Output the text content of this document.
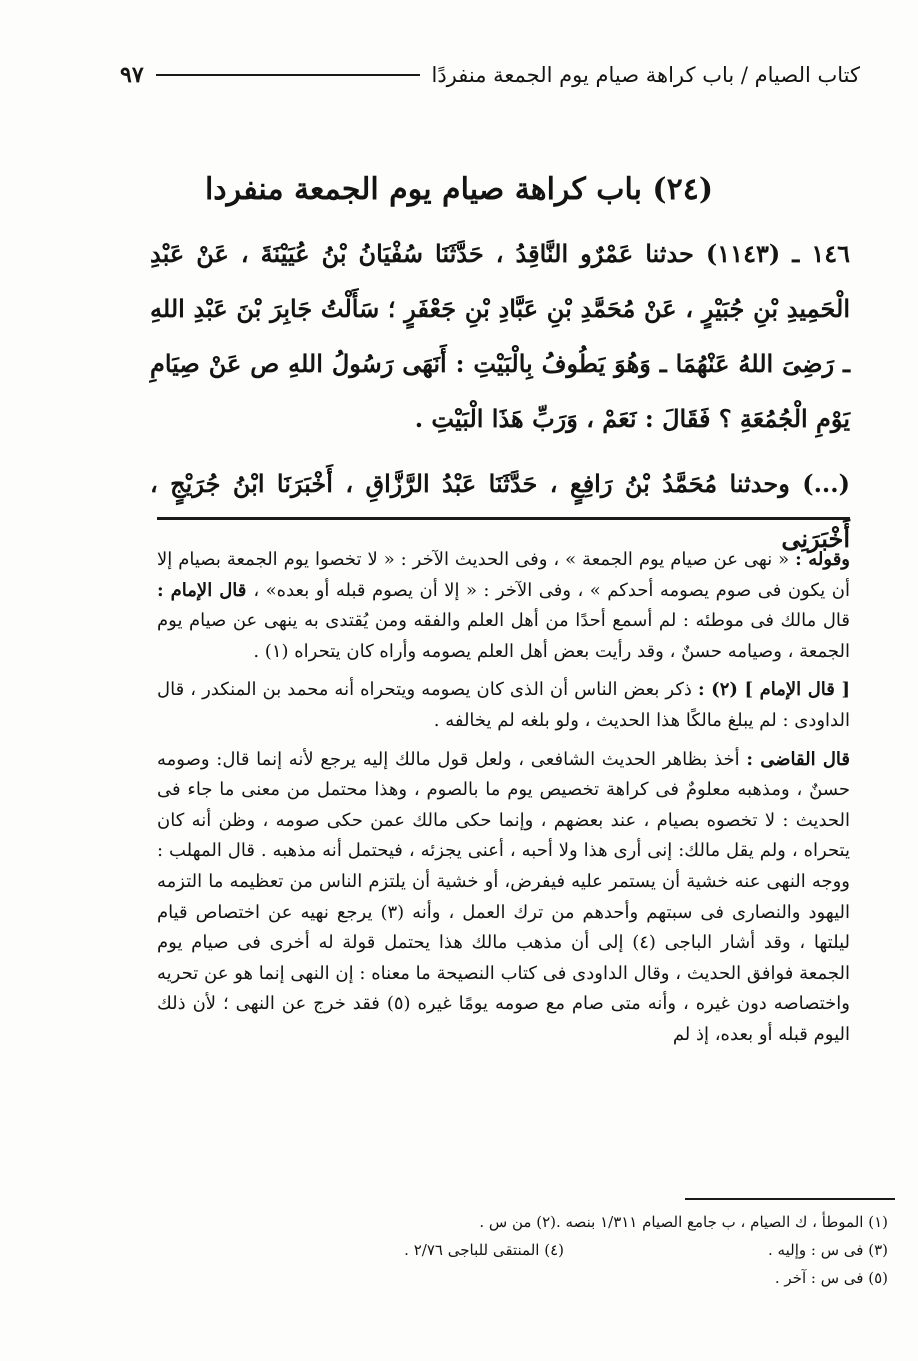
كتاب الصيام / باب كراهة صيام يوم الجمعة منفردًا
٩٧
(٢٤) باب كراهة صيام يوم الجمعة منفردا

١٤٦ ـ (١١٤٣) حدثنا عَمْرٌو النَّاقِدُ ، حَدَّثَنَا سُفْيَانُ بْنُ عُيَيْنَةَ ، عَنْ عَبْدِ الْحَمِيدِ بْنِ جُبَيْرٍ ، عَنْ مُحَمَّدِ بْنِ عَبَّادِ بْنِ جَعْفَرٍ ؛ سَأَلْتُ جَابِرَ بْنَ عَبْدِ اللهِ ـ رَضِىَ اللهُ عَنْهُمَا ـ وَهُوَ يَطُوفُ بِالْبَيْتِ : أَنَهَى رَسُولُ اللهِ ص عَنْ صِيَامِ يَوْمِ الْجُمُعَةِ ؟ فَقَالَ : نَعَمْ ، وَرَبِّ هَذَا الْبَيْتِ .

(...) وحدثنا مُحَمَّدُ بْنُ رَافِعٍ ، حَدَّثَنَا عَبْدُ الرَّزَّاقِ ، أَخْبَرَنَا ابْنُ جُرَيْجٍ ، أَخْبَرَنِى

وقوله : « نهى عن صيام يوم الجمعة » ، وفى الحديث الآخر : « لا تخصوا يوم الجمعة بصيام إلا أن يكون فى صوم يصومه أحدكم » ، وفى الآخر : « إلا أن يصوم قبله أو بعده» ، قال الإمام : قال مالك فى موطئه : لم أسمع أحدًا من أهل العلم والفقه ومن يُقتدى به ينهى عن صيام يوم الجمعة ، وصيامه حسنٌ ، وقد رأيت بعض أهل العلم يصومه وأراه كان يتحراه (١) .

[ قال الإمام ] (٢) : ذكر بعض الناس أن الذى كان يصومه ويتحراه أنه محمد بن المنكدر ، قال الداودى : لم يبلغ مالكًا هذا الحديث ، ولو بلغه لم يخالفه .

قال القاضى : أخذ بظاهر الحديث الشافعى ، ولعل قول مالك إليه يرجع لأنه إنما قال: وصومه حسنٌ ، ومذهبه معلومٌ فى كراهة تخصيص يوم ما بالصوم ، وهذا محتمل من معنى ما جاء فى الحديث : لا تخصوه بصيام ، عند بعضهم ، وإنما حكى مالك عمن حكى صومه ، وظن أنه كان يتحراه ، ولم يقل مالك: إنى أرى هذا ولا أحبه ، أعنى يجزئه ، فيحتمل أنه مذهبه . قال المهلب : ووجه النهى عنه خشية أن يستمر عليه فيفرض، أو خشية أن يلتزم الناس من تعظيمه ما التزمه اليهود والنصارى فى سبتهم وأحدهم من ترك العمل ، وأنه (٣) يرجع نهيه عن اختصاص قيام ليلتها ، وقد أشار الباجى (٤) إلى أن مذهب مالك هذا يحتمل قولة له أخرى فى صيام يوم الجمعة فوافق الحديث ، وقال الداودى فى كتاب النصيحة ما معناه : إن النهى إنما هو عن تحريه واختصاصه دون غيره ، وأنه متى صام مع صومه يومًا غيره (٥) فقد خرج عن النهى ؛ لأن ذلك اليوم قبله أو بعده، إذ لم

(١) الموطأ ، ك الصيام ، ب جامع الصيام ١/٣١١ بنصه .
(٢) من س .
(٣) فى س : وإليه .
(٤) المنتقى للباجى ٢/٧٦ .
(٥) فى س : آخر .
